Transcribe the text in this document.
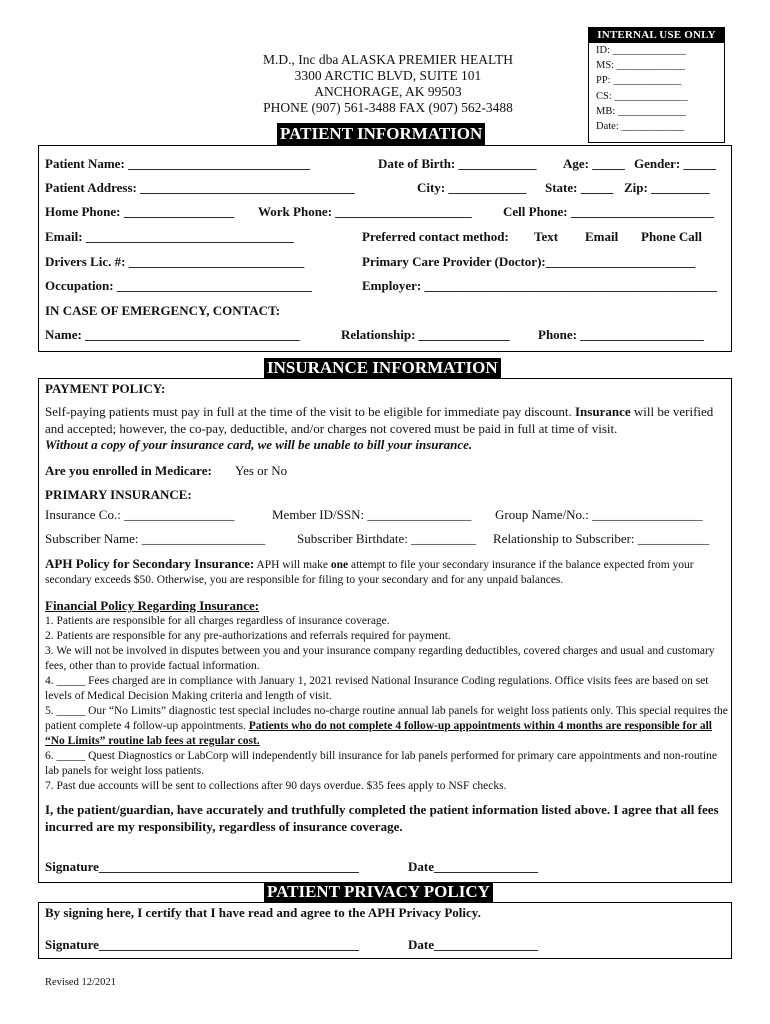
INTERNAL USE ONLY
ID: ______________
MS: _____________
PP: _____________
CS: ______________
MB: _____________
Date: ____________
M.D., Inc dba ALASKA PREMIER HEALTH
3300 ARCTIC BLVD, SUITE 101
ANCHORAGE, AK 99503
PHONE (907) 561-3488 FAX (907) 562-3488
PATIENT INFORMATION
Patient Name: ____________________________	Date of Birth: ____________ Age: _____ Gender: _____
Patient Address: _________________________________	City: ____________ State: _____ Zip: _________
Home Phone: _________________ Work Phone: _____________________ Cell Phone: ______________________
Email: ________________________________	Preferred contact method: Text Email Phone Call
Drivers Lic. #: ___________________________	Primary Care Provider (Doctor):_______________________
Occupation: ______________________________	Employer: _____________________________________________
IN CASE OF EMERGENCY, CONTACT:
Name: _________________________________	Relationship: ______________ Phone: ___________________
INSURANCE INFORMATION
PAYMENT POLICY:
Self-paying patients must pay in full at the time of the visit to be eligible for immediate pay discount. Insurance will be verified and accepted; however, the co-pay, deductible, and/or charges not covered must be paid in full at time of visit.
Without a copy of your insurance card, we will be unable to bill your insurance.
Are you enrolled in Medicare: Yes or No
PRIMARY INSURANCE:
Insurance Co.: _________________	Member ID/SSN: ________________ Group Name/No.: _________________
Subscriber Name: ___________________ Subscriber Birthdate: __________ Relationship to Subscriber: ___________
APH Policy for Secondary Insurance: APH will make one attempt to file your secondary insurance if the balance expected from your secondary exceeds $50. Otherwise, you are responsible for filing to your secondary and for any unpaid balances.
Financial Policy Regarding Insurance:
1. Patients are responsible for all charges regardless of insurance coverage.
2. Patients are responsible for any pre-authorizations and referrals required for payment.
3. We will not be involved in disputes between you and your insurance company regarding deductibles, covered charges and usual and customary fees, other than to provide factual information.
4. _____ Fees charged are in compliance with January 1, 2021 revised National Insurance Coding regulations. Office visits fees are based on set levels of Medical Decision Making criteria and length of visit.
5. _____ Our “No Limits” diagnostic test special includes no-charge routine annual lab panels for weight loss patients only. This special requires the patient complete 4 follow-up appointments. Patients who do not complete 4 follow-up appointments within 4 months are responsible for all “No Limits” routine lab fees at regular cost.
6. _____ Quest Diagnostics or LabCorp will independently bill insurance for lab panels performed for primary care appointments and non-routine lab panels for weight loss patients.
7. Past due accounts will be sent to collections after 90 days overdue. $35 fees apply to NSF checks.
I, the patient/guardian, have accurately and truthfully completed the patient information listed above. I agree that all fees incurred are my responsibility, regardless of insurance coverage.
Signature________________________________________	Date________________
PATIENT PRIVACY POLICY
By signing here, I certify that I have read and agree to the APH Privacy Policy.
Signature________________________________________	Date________________
Revised 12/2021
